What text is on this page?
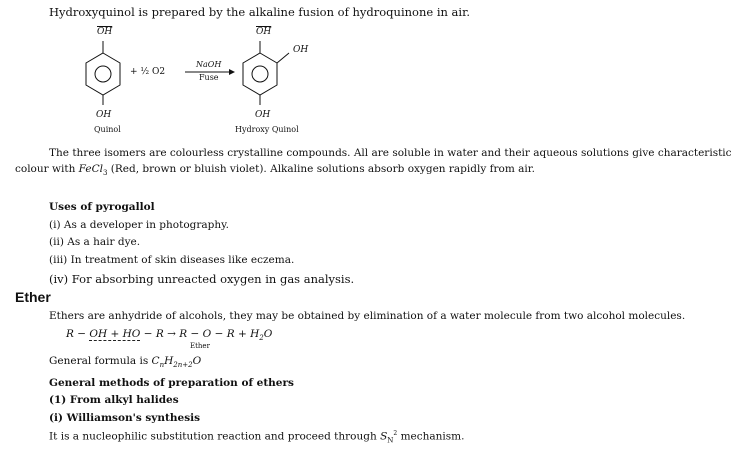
Hydroxyquinol is prepared by the alkaline fusion of hydroquinone in air.
$\overline{OH}$
OH
Quinol
+ ½ O2
NaOH
Fuse
$\overline{OH}$
OH
OH
Hydroxy Quinol
The three isomers are colourless crystalline compounds. All are soluble in water and their aqueous solutions give characteristic
colour with FeCl$_3$ (Red, brown or bluish violet). Alkaline solutions absorb oxygen rapidly from air.
Uses of pyrogallol
(i) As a developer in photography.
(ii) As a hair dye.
(iii) In treatment of skin diseases like eczema.
(iv) For absorbing unreacted oxygen in gas analysis.
Ether
Ethers are anhydride of alcohols, they may be obtained by elimination of a water molecule from two alcohol molecules.
R − OH + HO − $R \to R - O - R + H_2O$
Ether
General formula is $C_nH_{2n+2}O$
General methods of preparation of ethers
(1) From alkyl halides
(i) Williamson's synthesis
It is a nucleophilic substitution reaction and proceed through $S_N^2$ mechanism.
